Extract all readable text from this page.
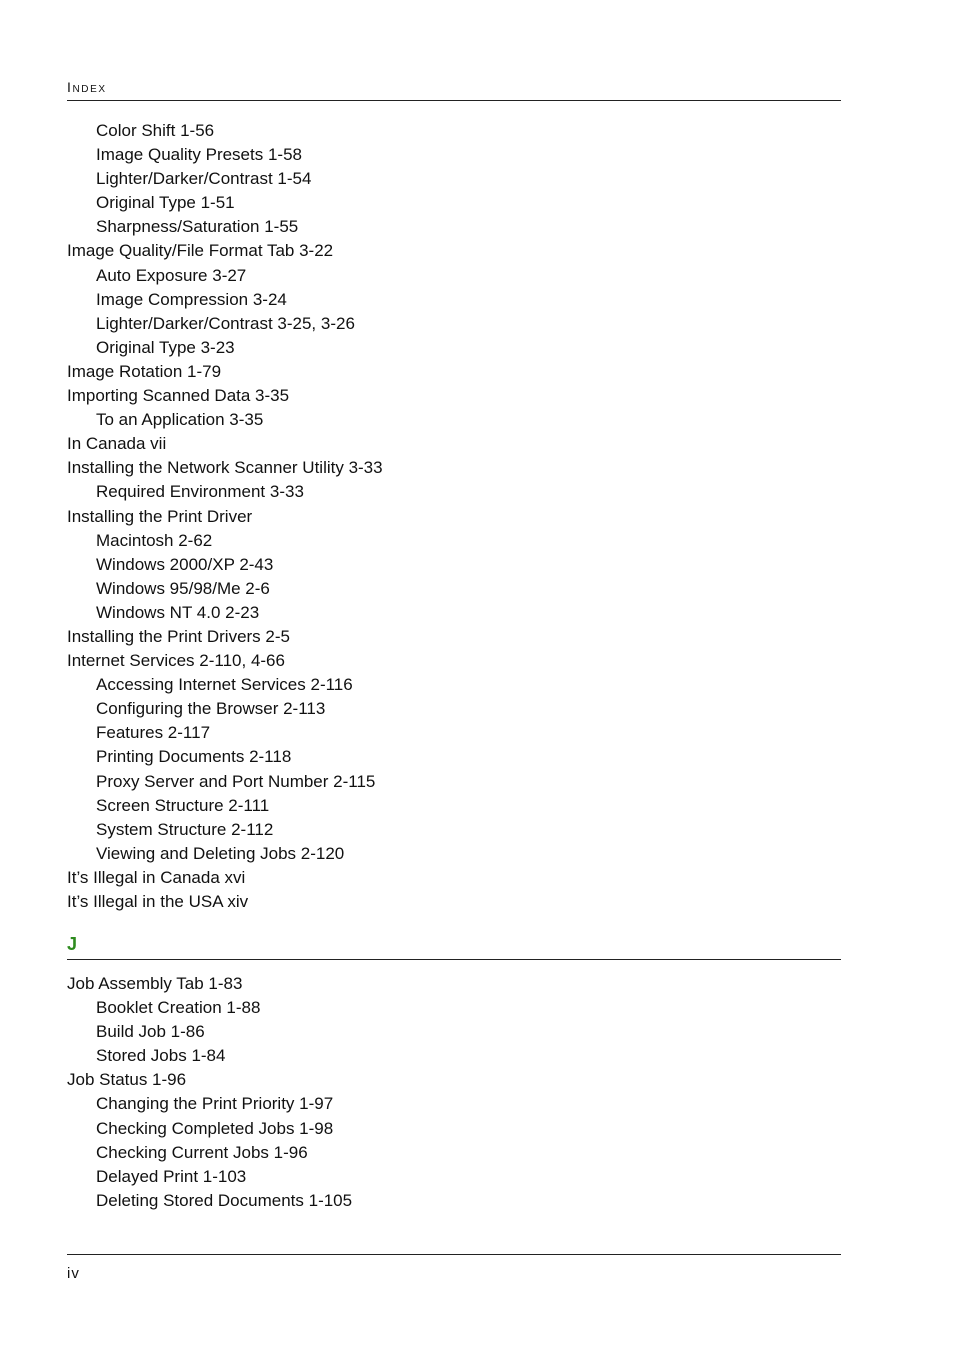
Index
Color Shift 1-56
Image Quality Presets 1-58
Lighter/Darker/Contrast 1-54
Original Type 1-51
Sharpness/Saturation 1-55
Image Quality/File Format Tab 3-22
Auto Exposure 3-27
Image Compression 3-24
Lighter/Darker/Contrast 3-25, 3-26
Original Type 3-23
Image Rotation 1-79
Importing Scanned Data 3-35
To an Application 3-35
In Canada vii
Installing the Network Scanner Utility 3-33
Required Environment 3-33
Installing the Print Driver
Macintosh 2-62
Windows 2000/XP 2-43
Windows 95/98/Me 2-6
Windows NT 4.0 2-23
Installing the Print Drivers 2-5
Internet Services 2-110, 4-66
Accessing Internet Services 2-116
Configuring the Browser 2-113
Features 2-117
Printing Documents 2-118
Proxy Server and Port Number 2-115
Screen Structure 2-111
System Structure 2-112
Viewing and Deleting Jobs 2-120
It’s Illegal in Canada xvi
It’s Illegal in the USA xiv
J
Job Assembly Tab 1-83
Booklet Creation 1-88
Build Job 1-86
Stored Jobs 1-84
Job Status 1-96
Changing the Print Priority 1-97
Checking Completed Jobs 1-98
Checking Current Jobs 1-96
Delayed Print 1-103
Deleting Stored Documents 1-105
iv
